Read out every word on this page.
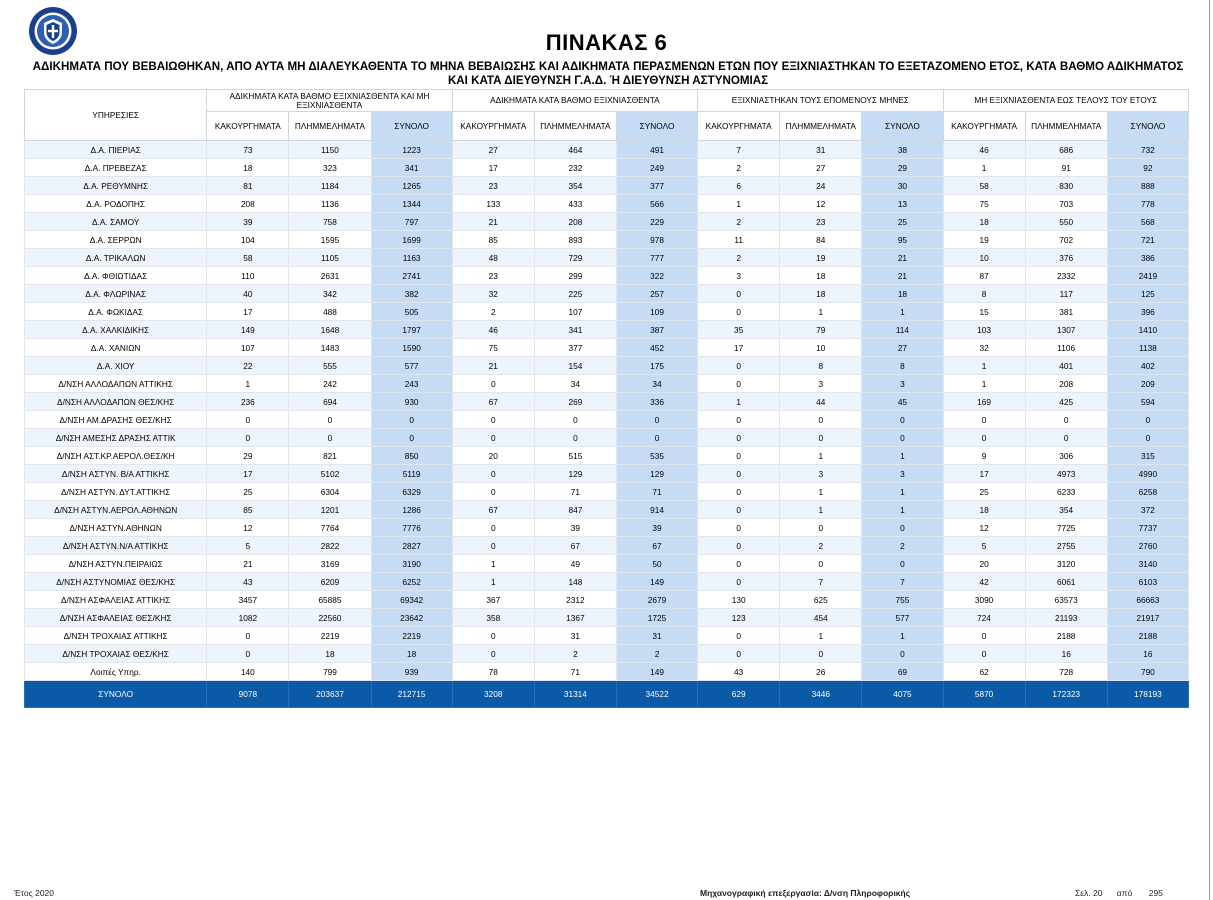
ΠΙΝΑΚΑΣ 6
ΑΔΙΚΗΜΑΤΑ ΠΟΥ ΒΕΒΑΙΩΘΗΚΑΝ, ΑΠΟ ΑΥΤΑ ΜΗ ΔΙΑΛΕΥΚΑΘΕΝΤΑ ΤΟ ΜΗΝΑ ΒΕΒΑΙΩΣΗΣ ΚΑΙ ΑΔΙΚΗΜΑΤΑ ΠΕΡΑΣΜΕΝΩΝ ΕΤΩΝ ΠΟΥ ΕΞΙΧΝΙΑΣΤΗΚΑΝ ΤΟ ΕΞΕΤΑΖΟΜΕΝΟ ΕΤΟΣ, ΚΑΤΑ ΒΑΘΜΟ ΑΔΙΚΗΜΑΤΟΣ ΚΑΙ ΚΑΤΑ ΔΙΕΥΘΥΝΣΗ Γ.Α.Δ. Ή ΔΙΕΥΘΥΝΣΗ ΑΣΤΥΝΟΜΙΑΣ
ΥΠΗΡΕΣΙΕΣ	ΑΔΙΚΗΜΑΤΑ ΚΑΤΑ ΒΑΘΜΟ ΕΞΙΧΝΙΑΣΘΕΝΤΑ ΚΑΙ ΜΗ ΕΞΙΧΝΙΑΣΘΕΝΤΑ			ΑΔΙΚΗΜΑΤΑ ΚΑΤΑ ΒΑΘΜΟ ΕΞΙΧΝΙΑΣΘΕΝΤΑ			ΕΞΙΧΝΙΑΣΤΗΚΑΝ ΤΟΥΣ ΕΠΟΜΕΝΟΥΣ ΜΗΝΕΣ			ΜΗ ΕΞΙΧΝΙΑΣΘΕΝΤΑ ΕΩΣ ΤΕΛΟΥΣ ΤΟΥ ΕΤΟΥΣ		
	ΚΑΚΟΥΡΓΗΜΑΤΑ	ΠΛΗΜΜΕΛΗΜΑΤΑ	ΣΥΝΟΛΟ	ΚΑΚΟΥΡΓΗΜΑΤΑ	ΠΛΗΜΜΕΛΗΜΑΤΑ	ΣΥΝΟΛΟ	ΚΑΚΟΥΡΓΗΜΑΤΑ	ΠΛΗΜΜΕΛΗΜΑΤΑ	ΣΥΝΟΛΟ	ΚΑΚΟΥΡΓΗΜΑΤΑ	ΠΛΗΜΜΕΛΗΜΑΤΑ	ΣΥΝΟΛΟ
Δ.Α. ΠΙΕΡΙΑΣ	73	1150	1223	27	464	491	7	31	38	46	686	732
Δ.Α. ΠΡΕΒΕΖΑΣ	18	323	341	17	232	249	2	27	29	1	91	92
Δ.Α. ΡΕΘΥΜΝΗΣ	81	1184	1265	23	354	377	6	24	30	58	830	888
Δ.Α. ΡΟΔΟΠΗΣ	208	1136	1344	133	433	566	1	12	13	75	703	778
Δ.Α. ΣΑΜΟΥ	39	758	797	21	208	229	2	23	25	18	550	568
Δ.Α. ΣΕΡΡΩΝ	104	1595	1699	85	893	978	11	84	95	19	702	721
Δ.Α. ΤΡΙΚΑΛΩΝ	58	1105	1163	48	729	777	2	19	21	10	376	386
Δ.Α. ΦΘΙΩΤΙΔΑΣ	110	2631	2741	23	299	322	3	18	21	87	2332	2419
Δ.Α. ΦΛΩΡΙΝΑΣ	40	342	382	32	225	257	0	18	18	8	117	125
Δ.Α. ΦΩΚΙΔΑΣ	17	488	505	2	107	109	0	1	1	15	381	396
Δ.Α. ΧΑΛΚΙΔΙΚΗΣ	149	1648	1797	46	341	387	35	79	114	103	1307	1410
Δ.Α. ΧΑΝΙΩΝ	107	1483	1590	75	377	452	17	10	27	32	1106	1138
Δ.Α. ΧΙΟΥ	22	555	577	21	154	175	0	8	8	1	401	402
Δ/ΝΣΗ ΑΛΛΟΔΑΠΩΝ ΑΤΤΙΚΗΣ	1	242	243	0	34	34	0	3	3	1	208	209
Δ/ΝΣΗ ΑΛΛΟΔΑΠΩΝ ΘΕΣ/ΚΗΣ	236	694	930	67	269	336	1	44	45	169	425	594
Δ/ΝΣΗ ΑΜ.ΔΡΑΣΗΣ ΘΕΣ/ΚΗΣ	0	0	0	0	0	0	0	0	0	0	0	0
Δ/ΝΣΗ ΑΜΕΣΗΣ ΔΡΑΣΗΣ ΑΤΤΙΚ	0	0	0	0	0	0	0	0	0	0	0	0
Δ/ΝΣΗ ΑΣΤ.ΚΡ.ΑΕΡΟΛ.ΘΕΣ/ΚΗ	29	821	850	20	515	535	0	1	1	9	306	315
Δ/ΝΣΗ ΑΣΤΥΝ. Β/Α ΑΤΤΙΚΗΣ	17	5102	5119	0	129	129	0	3	3	17	4973	4990
Δ/ΝΣΗ ΑΣΤΥΝ. ΔΥΤ.ΑΤΤΙΚΗΣ	25	6304	6329	0	71	71	0	1	1	25	6233	6258
Δ/ΝΣΗ ΑΣΤΥΝ.ΑΕΡΟΛ.ΑΘΗΝΩΝ	85	1201	1286	67	847	914	0	1	1	18	354	372
Δ/ΝΣΗ ΑΣΤΥΝ.ΑΘΗΝΩΝ	12	7764	7776	0	39	39	0	0	0	12	7725	7737
Δ/ΝΣΗ ΑΣΤΥΝ.Ν/Α ΑΤΤΙΚΗΣ	5	2822	2827	0	67	67	0	2	2	5	2755	2760
Δ/ΝΣΗ ΑΣΤΥΝ.ΠΕΙΡΑΙΩΣ	21	3169	3190	1	49	50	0	0	0	20	3120	3140
Δ/ΝΣΗ ΑΣΤΥΝΟΜΙΑΣ ΘΕΣ/ΚΗΣ	43	6209	6252	1	148	149	0	7	7	42	6061	6103
Δ/ΝΣΗ ΑΣΦΑΛΕΙΑΣ ΑΤΤΙΚΗΣ	3457	65885	69342	367	2312	2679	130	625	755	3090	63573	66663
Δ/ΝΣΗ ΑΣΦΑΛΕΙΑΣ ΘΕΣ/ΚΗΣ	1082	22560	23642	358	1367	1725	123	454	577	724	21193	21917
Δ/ΝΣΗ ΤΡΟΧΑΙΑΣ ΑΤΤΙΚΗΣ	0	2219	2219	0	31	31	0	1	1	0	2188	2188
Δ/ΝΣΗ ΤΡΟΧΑΙΑΣ ΘΕΣ/ΚΗΣ	0	18	18	0	2	2	0	0	0	0	16	16
Λοιπές Υπηρ.	140	799	939	78	71	149	43	26	69	62	728	790
ΣΥΝΟΛΟ	9078	203637	212715	3208	31314	34522	629	3446	4075	5870	172323	178193
Έτος 2020	Μηχανογραφική επεξεργασία: Δ/νση Πληροφορικής	Σελ. 20 από 295
